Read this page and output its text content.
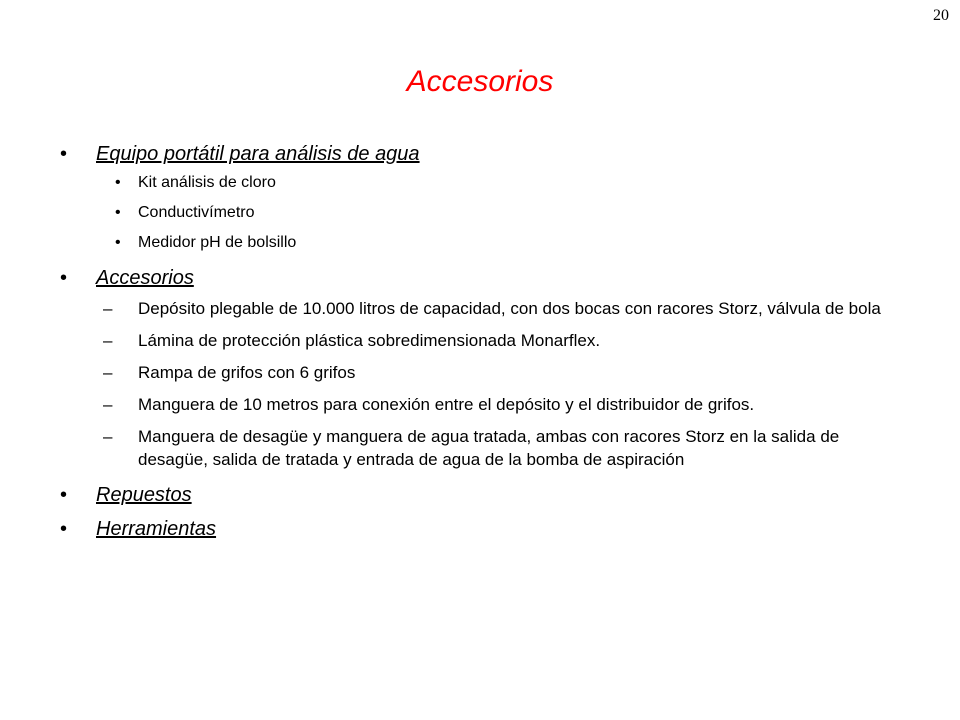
20
Accesorios
• Equipo portátil para análisis de agua
• Kit análisis de cloro
• Conductivímetro
• Medidor pH de bolsillo
• Accesorios
– Depósito plegable de 10.000 litros de capacidad, con dos bocas con racores Storz, válvula de bola
– Lámina de protección plástica sobredimensionada Monarflex.
– Rampa de grifos con 6 grifos
– Manguera de 10 metros para conexión entre el depósito y el distribuidor de grifos.
– Manguera de desagüe y manguera de agua tratada, ambas con racores Storz en la salida de desagüe, salida de tratada y entrada de agua de la bomba de aspiración
• Repuestos
• Herramientas
